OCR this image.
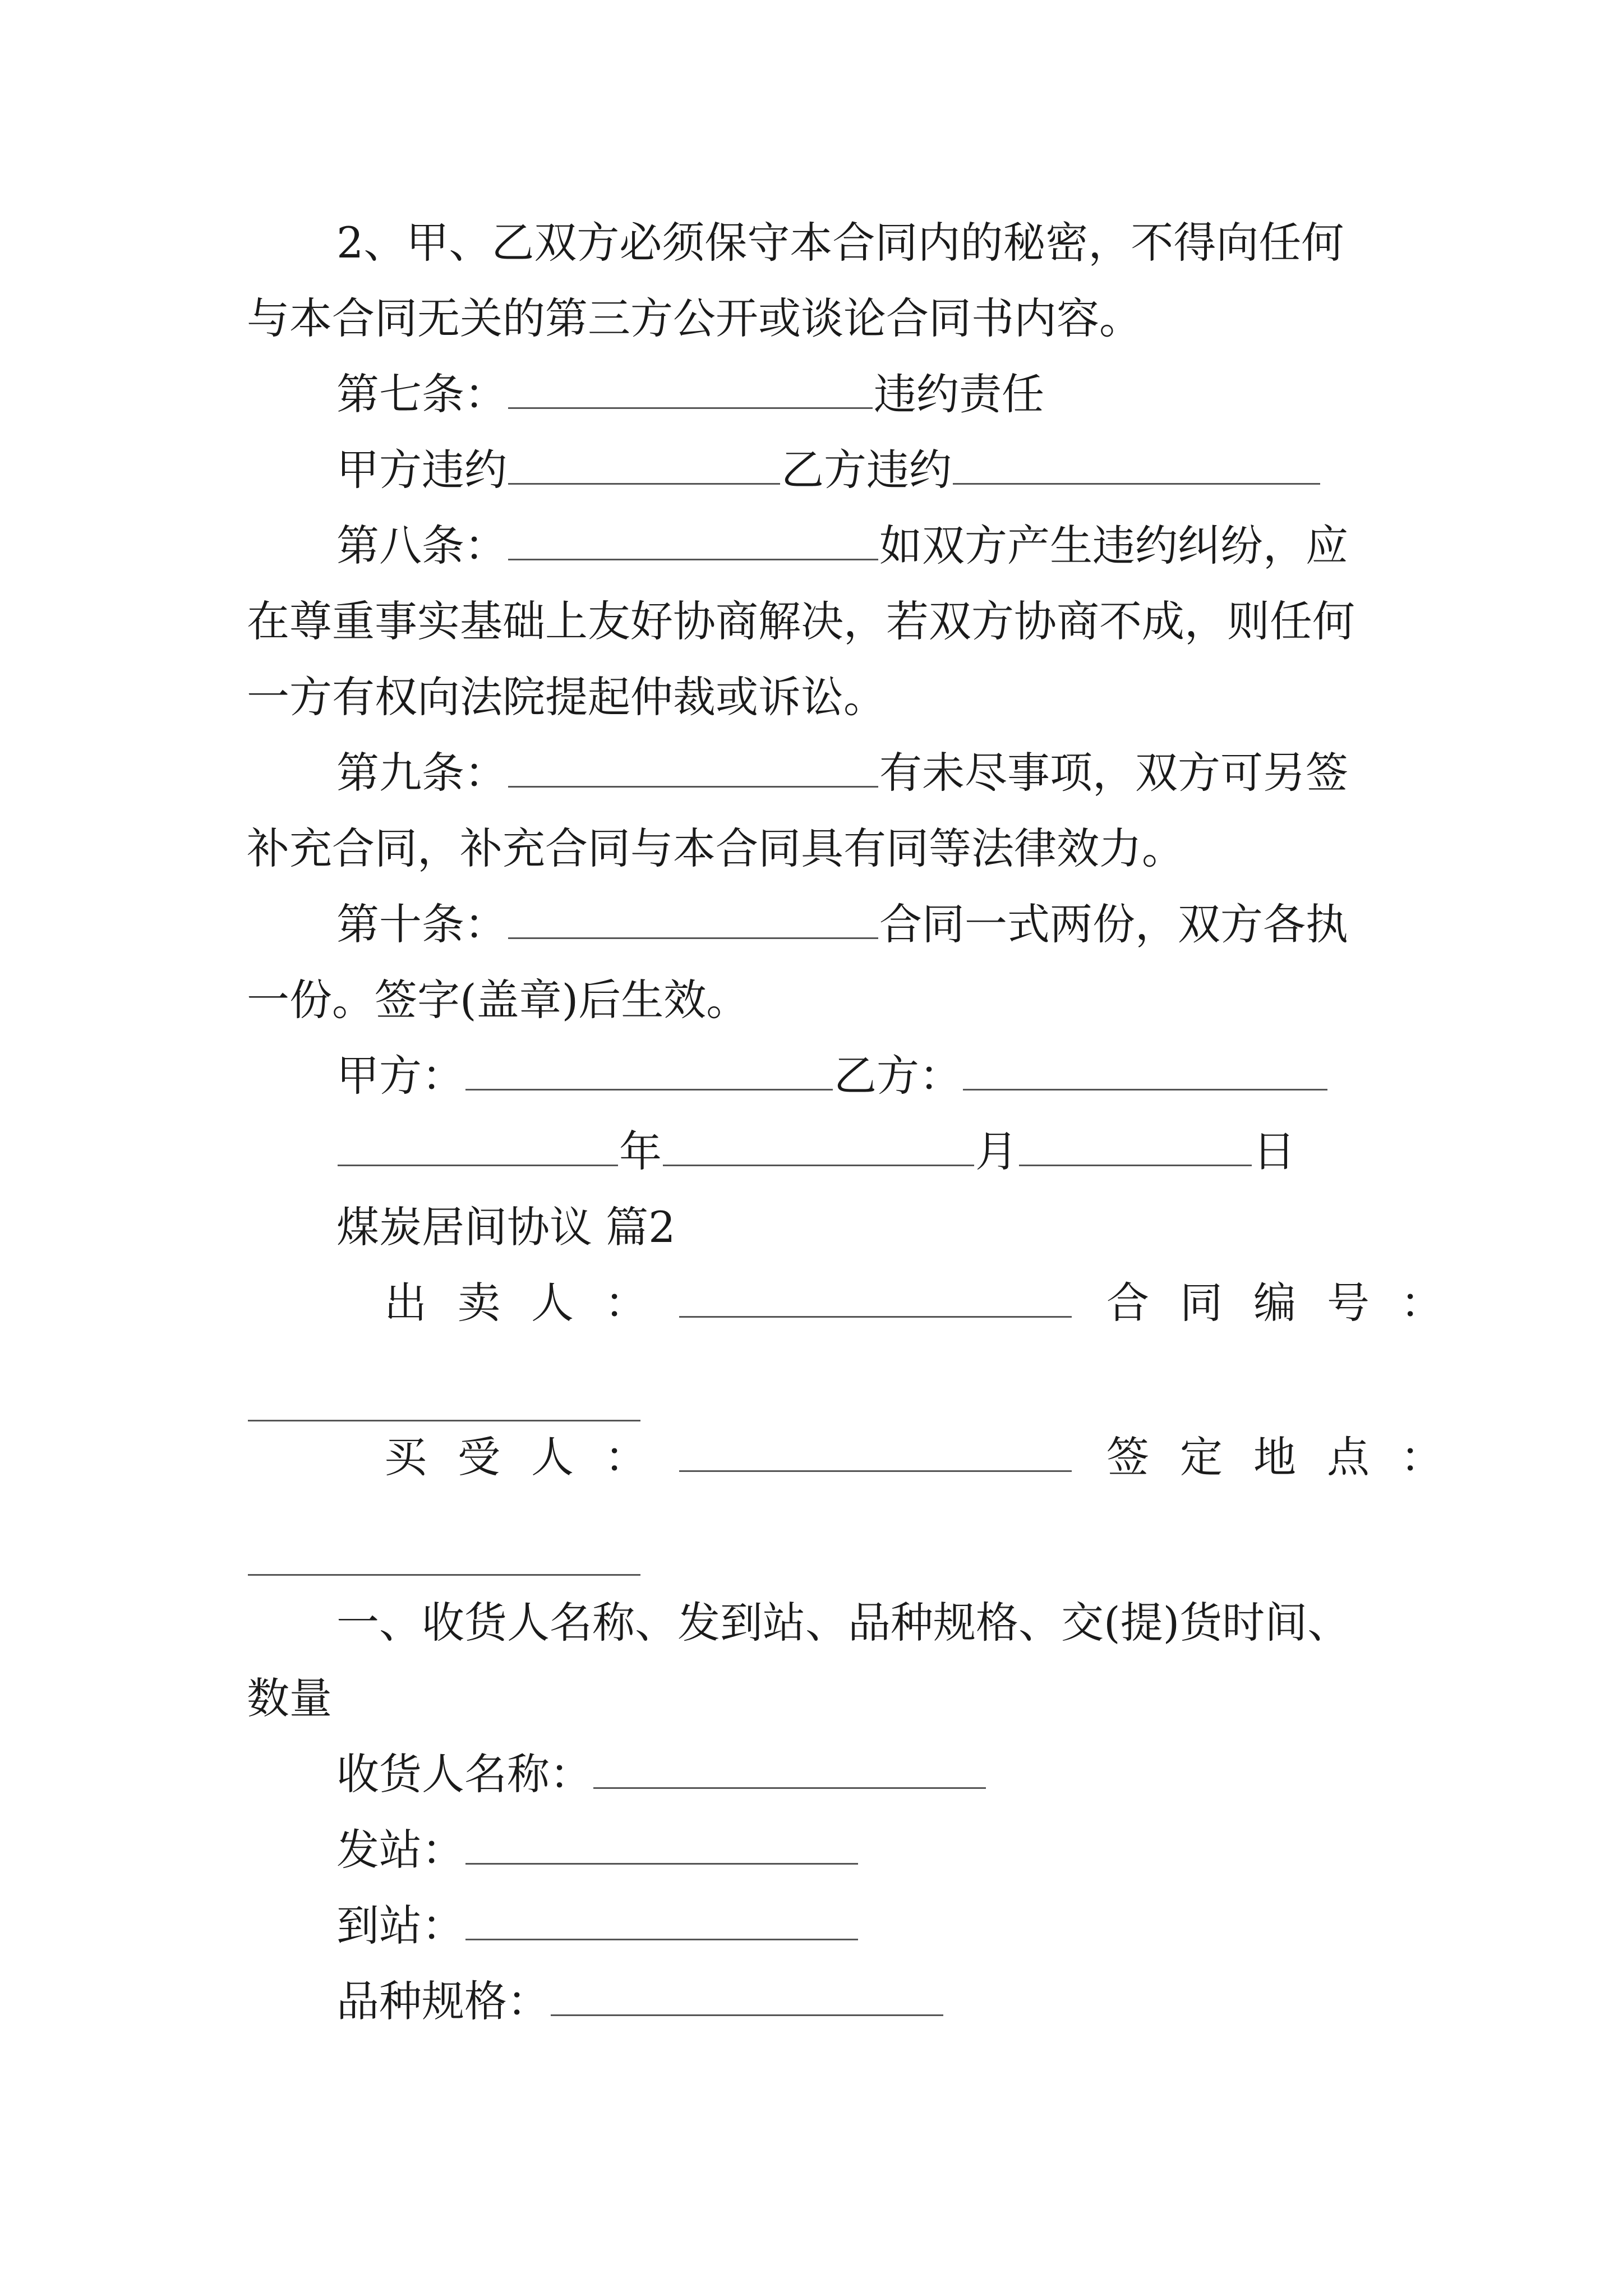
2、甲、乙双方必须保守本合同内的秘密，不得向任何
与本合同无关的第三方公开或谈论合同书内容。
第七条：	违约责任
甲方违约	乙方违约
第八条：	如双方产生违约纠纷，应
在尊重事实基础上友好协商解决，若双方协商不成，则任何
一方有权向法院提起仲裁或诉讼。
第九条：	有未尽事项，双方可另签
补充合同，补充合同与本合同具有同等法律效力。
第十条：	合同一式两份，双方各执
一份。签字(盖章)后生效。
甲方：	乙方：
年	月	日
煤炭居间协议 篇2
出卖人：	合同编号：
买受人：	签定地点：
一、收货人名称、发到站、品种规格、交(提)货时间、
数量
收货人名称：
发站：
到站：
品种规格：
